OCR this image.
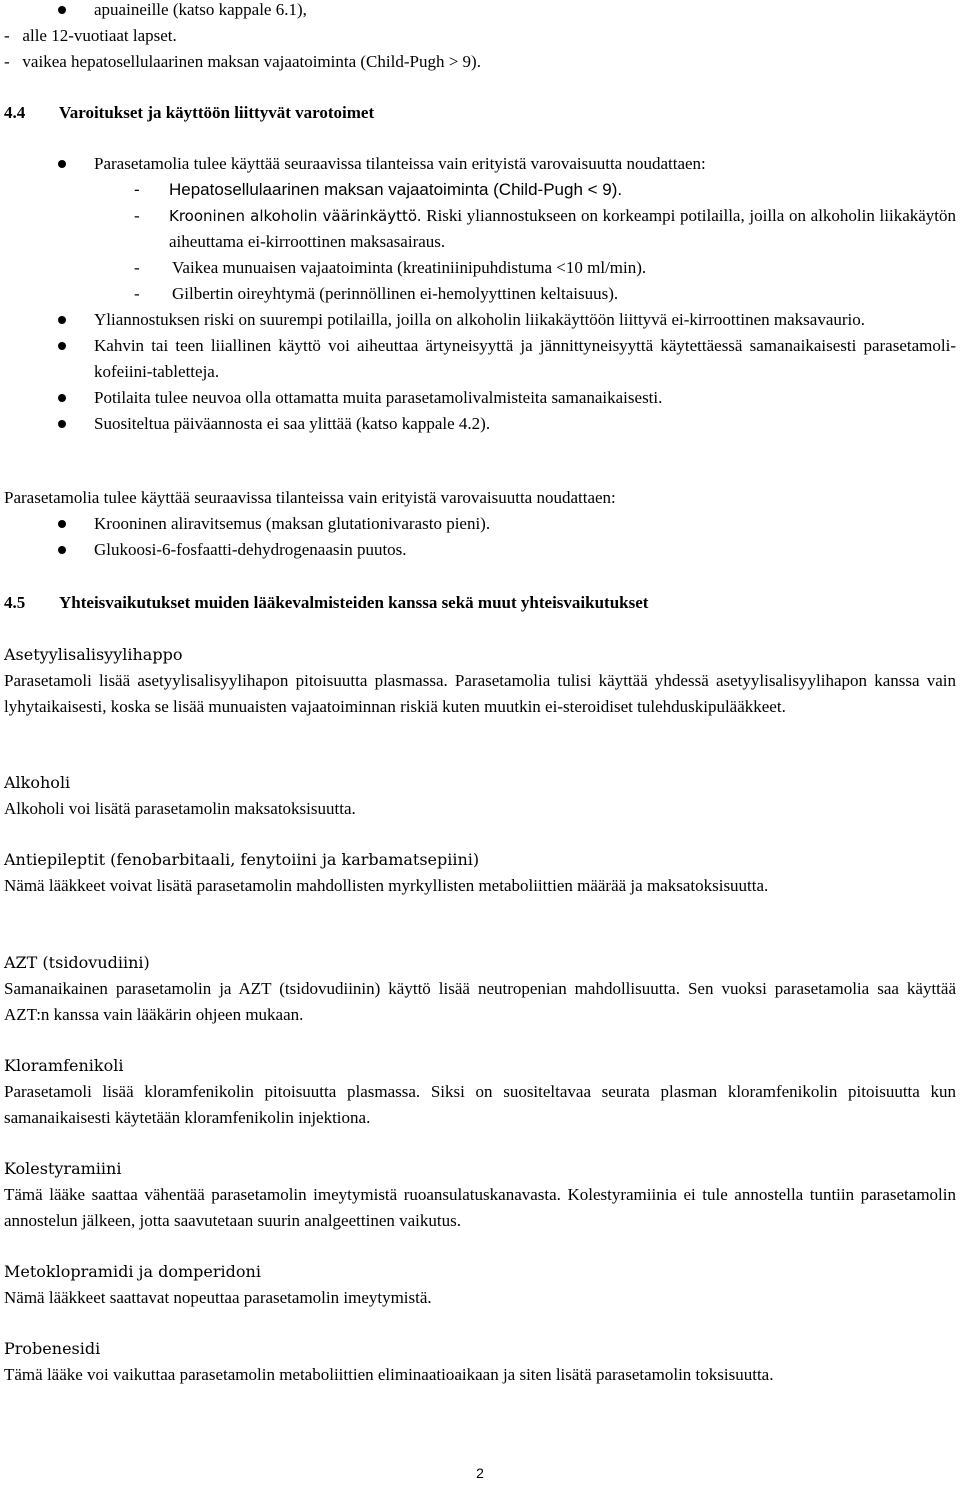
apuaineille (katso kappale 6.1),
-   alle 12-vuotiaat lapset.
-   vaikea hepatosellulaarinen maksan vajaatoiminta (Child-Pugh > 9).
4.4 Varoitukset ja käyttöön liittyvät varotoimet
Parasetamolia tulee käyttää seuraavissa tilanteissa vain erityistä varovaisuutta noudattaen:
- Hepatosellulaarinen maksan vajaatoiminta (Child-Pugh < 9).
- Krooninen alkoholin väärinkäyttö. Riski yliannostukseen on korkeampi potilailla, joilla on alkoholin liikakäytön aiheuttama ei-kirroottinen maksasairaus.
- Vaikea munuaisen vajaatoiminta (kreatiniinipuhdistuma <10 ml/min).
- Gilbertin oireyhtymä (perinnöllinen ei-hemolyyttinen keltaisuus).
Yliannostuksen riski on suurempi potilailla, joilla on alkoholin liikakäyttöön liittyvä ei-kirroottinen maksavaurio.
Kahvin tai teen liiallinen käyttö voi aiheuttaa ärtyneisyyttä ja jännittyneisyyttä käytettäessä samanaikaisesti parasetamoli-kofeiini-tabletteja.
Potilaita tulee neuvoa olla ottamatta muita parasetamolivalmisteita samanaikaisesti.
Suositeltua päiväannosta ei saa ylittää (katso kappale 4.2).

Parasetamolia tulee käyttää seuraavissa tilanteissa vain erityistä varovaisuutta noudattaen:

Krooninen aliravitsemus (maksan glutationivarasto pieni).
Glukoosi-6-fosfaatti-dehydrogenaasin puutos.
4.5 Yhteisvaikutukset muiden lääkevalmisteiden kanssa sekä muut yhteisvaikutukset

Asetyylisalisyylihappo

Parasetamoli lisää asetyylisalisyylihapon pitoisuutta plasmassa. Parasetamolia tulisi käyttää yhdessä asetyylisalisyylihapon kanssa vain lyhytaikaisesti, koska se lisää munuaisten vajaatoiminnan riskiä kuten muutkin ei-steroidiset tulehduskipulääkkeet.

Alkoholi

Alkoholi voi lisätä parasetamolin maksatoksisuutta.

Antiepileptit (fenobarbitaali, fenytoiini ja karbamatsepiini)

Nämä lääkkeet voivat lisätä parasetamolin mahdollisten myrkyllisten metaboliittien määrää ja maksatoksisuutta.

AZT (tsidovudiini)

Samanaikainen parasetamolin ja AZT (tsidovudiinin) käyttö lisää neutropenian mahdollisuutta. Sen vuoksi parasetamolia saa käyttää AZT:n kanssa vain lääkärin ohjeen mukaan.

Kloramfenikoli

Parasetamoli lisää kloramfenikolin pitoisuutta plasmassa. Siksi on suositeltavaa seurata plasman kloramfenikolin pitoisuutta kun samanaikaisesti käytetään kloramfenikolin injektiona.

Kolestyramiini

Tämä lääke saattaa vähentää parasetamolin imeytymistä ruoansulatuskanavasta. Kolestyramiinia ei tule annostella tuntiin parasetamolin annostelun jälkeen, jotta saavutetaan suurin analgeettinen vaikutus.

Metoklopramidi ja domperidoni

Nämä lääkkeet saattavat nopeuttaa parasetamolin imeytymistä.

Probenesidi

Tämä lääke voi vaikuttaa parasetamolin metaboliittien eliminaatioaikaan ja siten lisätä parasetamolin toksisuutta.

2
